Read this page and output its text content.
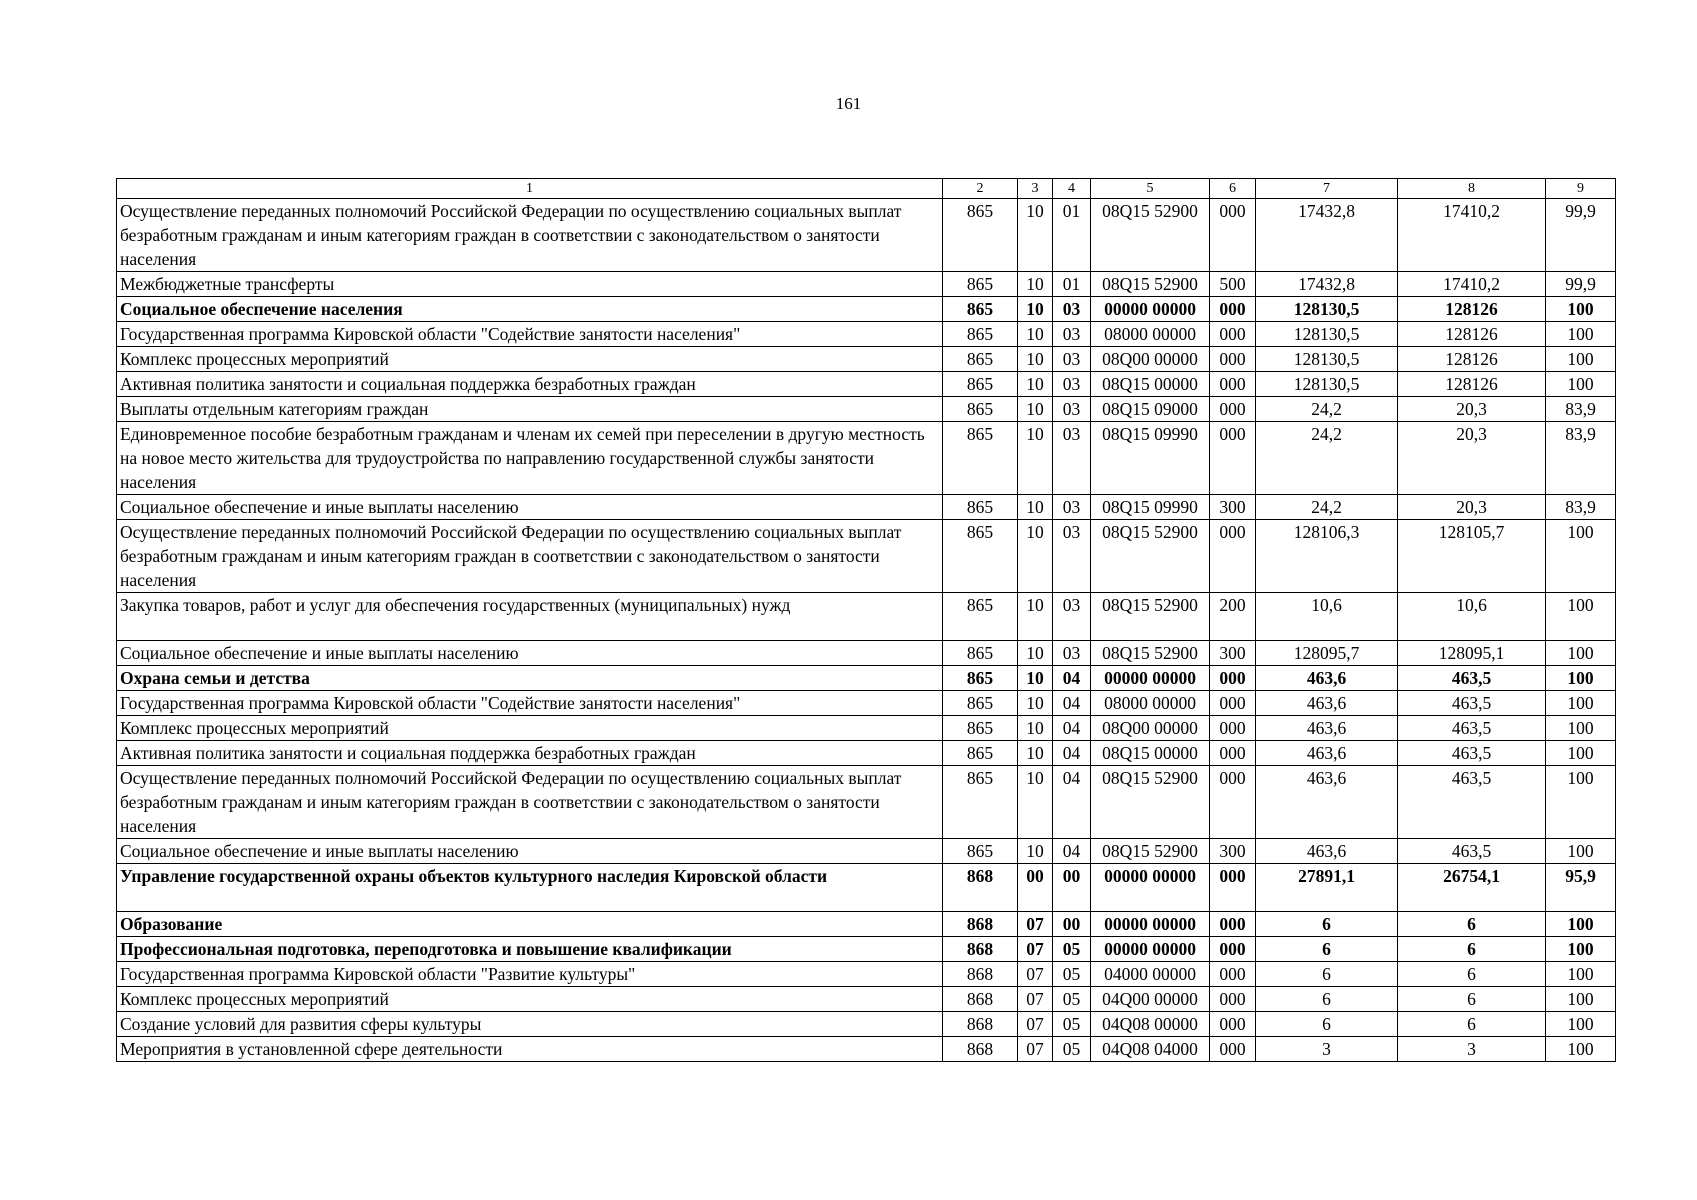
161
1	2	3	4	5	6	7	8	9
Осуществление переданных полномочий Российской Федерации по осуществлению социальных выплат безработным гражданам и иным категориям граждан в соответствии с законодательством о занятости населения	865	10	01	08Q15 52900	000	17432,8	17410,2	99,9
Межбюджетные трансферты	865	10	01	08Q15 52900	500	17432,8	17410,2	99,9
Социальное обеспечение населения	865	10	03	00000 00000	000	128130,5	128126	100
Государственная программа Кировской области "Содействие занятости населения"	865	10	03	08000 00000	000	128130,5	128126	100
Комплекс процессных мероприятий	865	10	03	08Q00 00000	000	128130,5	128126	100
Активная политика занятости и социальная поддержка безработных граждан	865	10	03	08Q15 00000	000	128130,5	128126	100
Выплаты отдельным категориям граждан	865	10	03	08Q15 09000	000	24,2	20,3	83,9
Единовременное пособие безработным гражданам и членам их семей при переселении в другую местность на новое место жительства для трудоустройства по направлению государственной службы занятости населения	865	10	03	08Q15 09990	000	24,2	20,3	83,9
Социальное обеспечение и иные выплаты населению	865	10	03	08Q15 09990	300	24,2	20,3	83,9
Осуществление переданных полномочий Российской Федерации по осуществлению социальных выплат безработным гражданам и иным категориям граждан в соответствии с законодательством о занятости населения	865	10	03	08Q15 52900	000	128106,3	128105,7	100
Закупка товаров, работ и услуг для обеспечения государственных (муниципальных) нужд	865	10	03	08Q15 52900	200	10,6	10,6	100
Социальное обеспечение и иные выплаты населению	865	10	03	08Q15 52900	300	128095,7	128095,1	100
Охрана семьи и детства	865	10	04	00000 00000	000	463,6	463,5	100
Государственная программа Кировской области "Содействие занятости населения"	865	10	04	08000 00000	000	463,6	463,5	100
Комплекс процессных мероприятий	865	10	04	08Q00 00000	000	463,6	463,5	100
Активная политика занятости и социальная поддержка безработных граждан	865	10	04	08Q15 00000	000	463,6	463,5	100
Осуществление переданных полномочий Российской Федерации по осуществлению социальных выплат безработным гражданам и иным категориям граждан в соответствии с законодательством о занятости населения	865	10	04	08Q15 52900	000	463,6	463,5	100
Социальное обеспечение и иные выплаты населению	865	10	04	08Q15 52900	300	463,6	463,5	100
Управление государственной охраны объектов культурного наследия Кировской области	868	00	00	00000 00000	000	27891,1	26754,1	95,9
Образование	868	07	00	00000 00000	000	6	6	100
Профессиональная подготовка, переподготовка и повышение квалификации	868	07	05	00000 00000	000	6	6	100
Государственная программа Кировской области "Развитие культуры"	868	07	05	04000 00000	000	6	6	100
Комплекс процессных мероприятий	868	07	05	04Q00 00000	000	6	6	100
Создание условий для развития сферы культуры	868	07	05	04Q08 00000	000	6	6	100
Мероприятия в установленной сфере деятельности	868	07	05	04Q08 04000	000	3	3	100
